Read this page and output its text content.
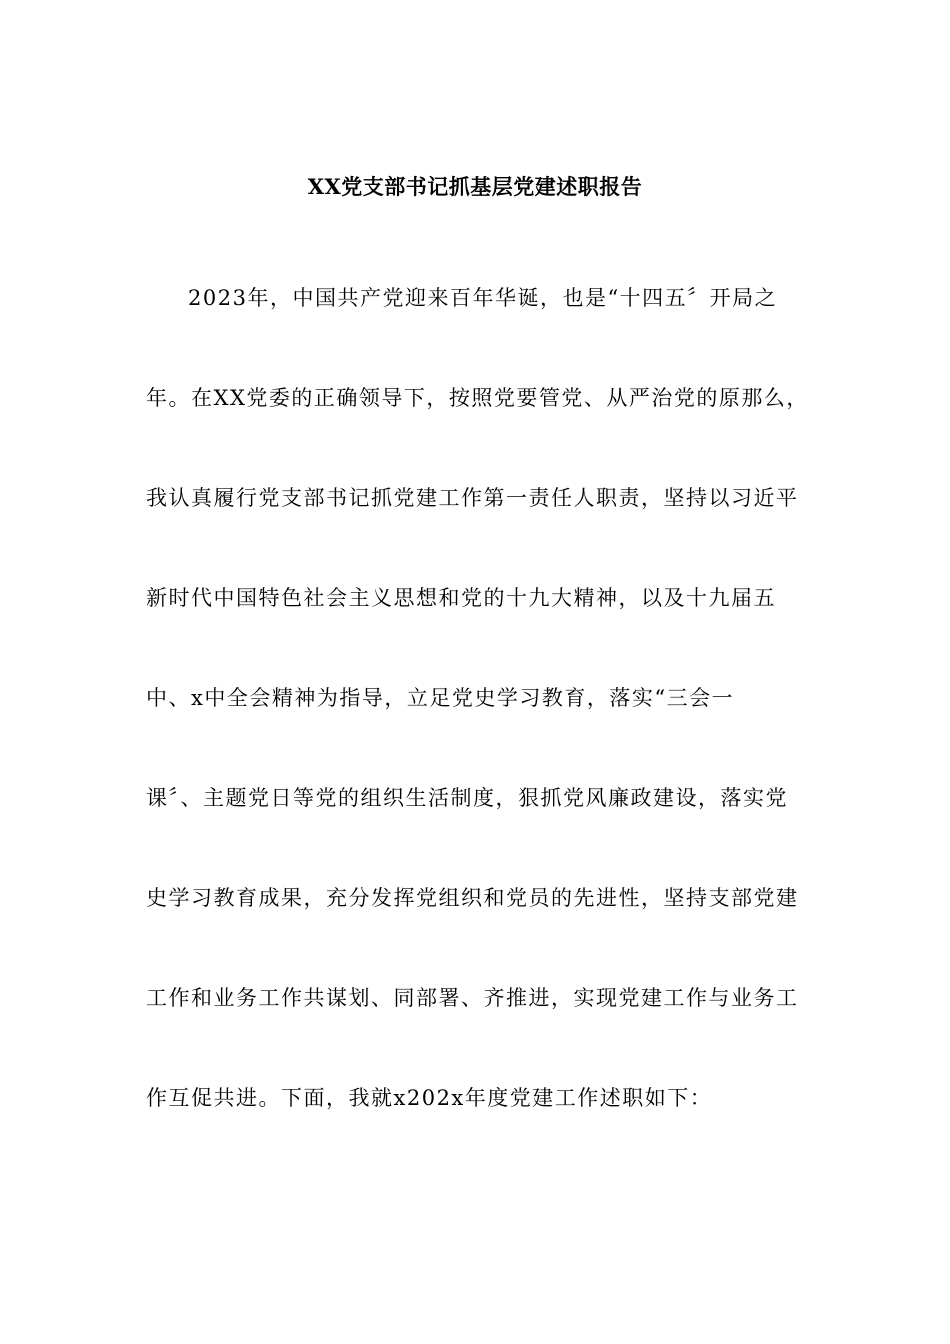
XX党支部书记抓基层党建述职报告
2023年，中国共产党迎来百年华诞，也是“十四五〞开局之
年。在XX党委的正确领导下，按照党要管党、从严治党的原那么，
我认真履行党支部书记抓党建工作第一责任人职责，坚持以习近平
新时代中国特色社会主义思想和党的十九大精神，以及十九届五
中、x中全会精神为指导，立足党史学习教育，落实“三会一
课〞、主题党日等党的组织生活制度，狠抓党风廉政建设，落实党
史学习教育成果，充分发挥党组织和党员的先进性，坚持支部党建
工作和业务工作共谋划、同部署、齐推进，实现党建工作与业务工
作互促共进。下面，我就x202x年度党建工作述职如下：
